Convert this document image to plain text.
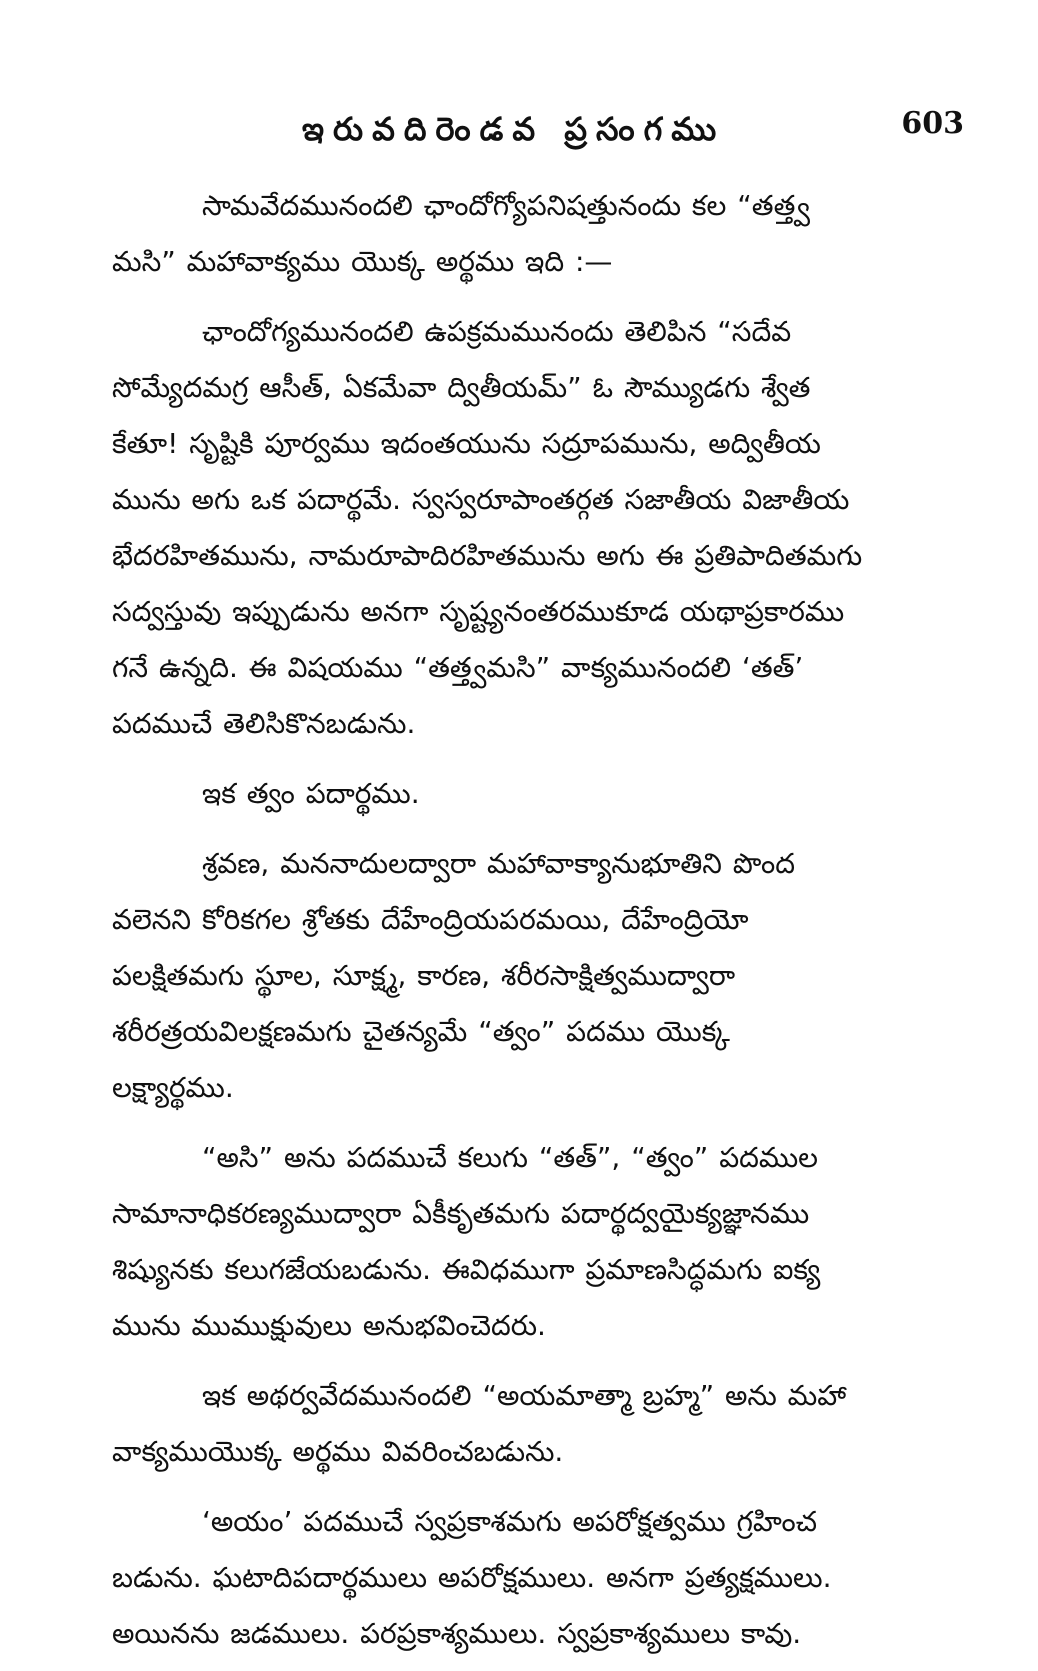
ఇరువదిరెండవ ప్రసంగము	603
సామవేదమునందలి ఛాందోగ్యోపనిషత్తునందు కల “తత్త్వ
మసి” మహావాక్యము యొక్క అర్థము ఇది :—
ఛాందోగ్యమునందలి ఉపక్రమమునందు తెలిపిన “సదేవ
సోమ్యేదమగ్ర ఆసీత్, ఏకమేవా ద్వితీయమ్” ఓ సౌమ్యుడగు శ్వేత
కేతూ! సృష్టికి పూర్వము ఇదంతయును సద్రూపమును, అద్వితీయ
మును అగు ఒక పదార్థమే. స్వస్వరూపాంతర్గత సజాతీయ విజాతీయ
భేదరహితమును, నామరూపాదిరహితమును అగు ఈ ప్రతిపాదితమగు
సద్వస్తువు ఇప్పుడును అనగా సృష్ట్యనంతరముకూడ యథాప్రకారము
గనే ఉన్నది. ఈ విషయము “తత్త్వమసి” వాక్యమునందలి ‘తత్’
పదముచే తెలిసికొనబడును.
ఇక త్వం పదార్థము.
శ్రవణ, మననాదులద్వారా మహావాక్యానుభూతిని పొంద
వలెనని కోరికగల శ్రోతకు దేహేంద్రియపరమయి, దేహేంద్రియో
పలక్షితమగు స్థూల, సూక్ష్మ, కారణ, శరీరసాక్షిత్వముద్వారా
శరీరత్రయవిలక్షణమగు చైతన్యమే “త్వం” పదము యొక్క
లక్ష్యార్థము.
“అసి” అను పదముచే కలుగు “తత్”, “త్వం” పదముల
సామానాధికరణ్యముద్వారా ఏకీకృతమగు పదార్థద్వయైక్యజ్ఞానము
శిష్యునకు కలుగజేయబడును. ఈవిధముగా ప్రమాణసిద్ధమగు ఐక్య
మును ముముక్షువులు అనుభవించెదరు.
ఇక అథర్వవేదమునందలి “అయమాత్మా బ్రహ్మ” అను మహా
వాక్యముయొక్క అర్థము వివరించబడును.
‘అయం’ పదముచే స్వప్రకాశమగు అపరోక్షత్వము గ్రహించ
బడును. ఘటాదిపదార్థములు అపరోక్షములు. అనగా ప్రత్యక్షములు.
అయినను జడములు. పరప్రకాశ్యములు. స్వప్రకాశ్యములు కావు.
